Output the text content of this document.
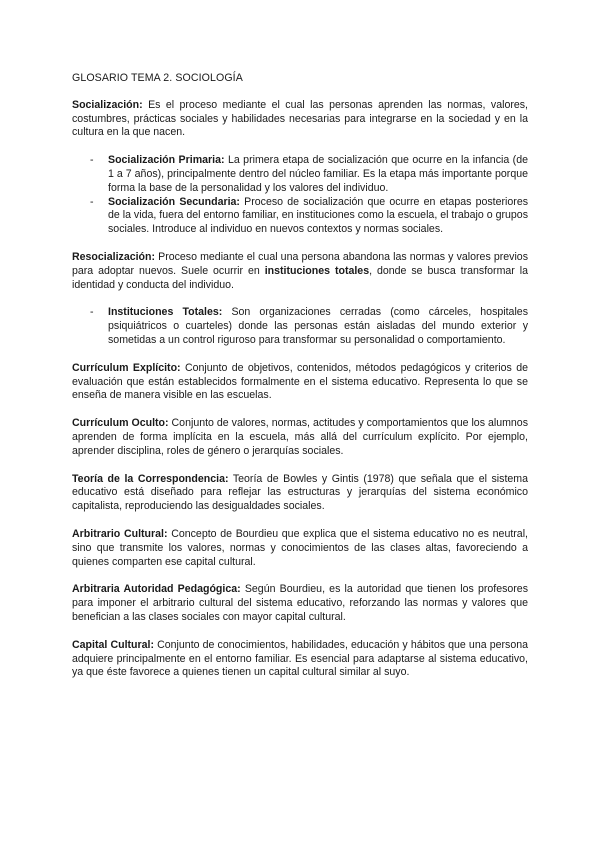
GLOSARIO TEMA 2. SOCIOLOGÍA

Socialización: Es el proceso mediante el cual las personas aprenden las normas, valores, costumbres, prácticas sociales y habilidades necesarias para integrarse en la sociedad y en la cultura en la que nacen.

- Socialización Primaria: La primera etapa de socialización que ocurre en la infancia (de 1 a 7 años), principalmente dentro del núcleo familiar. Es la etapa más importante porque forma la base de la personalidad y los valores del individuo.
- Socialización Secundaria: Proceso de socialización que ocurre en etapas posteriores de la vida, fuera del entorno familiar, en instituciones como la escuela, el trabajo o grupos sociales. Introduce al individuo en nuevos contextos y normas sociales.

Resocialización: Proceso mediante el cual una persona abandona las normas y valores previos para adoptar nuevos. Suele ocurrir en instituciones totales, donde se busca transformar la identidad y conducta del individuo.

- Instituciones Totales: Son organizaciones cerradas (como cárceles, hospitales psiquiátricos o cuarteles) donde las personas están aisladas del mundo exterior y sometidas a un control riguroso para transformar su personalidad o comportamiento.

Currículum Explícito: Conjunto de objetivos, contenidos, métodos pedagógicos y criterios de evaluación que están establecidos formalmente en el sistema educativo. Representa lo que se enseña de manera visible en las escuelas.

Currículum Oculto: Conjunto de valores, normas, actitudes y comportamientos que los alumnos aprenden de forma implícita en la escuela, más allá del currículum explícito. Por ejemplo, aprender disciplina, roles de género o jerarquías sociales.

Teoría de la Correspondencia: Teoría de Bowles y Gintis (1978) que señala que el sistema educativo está diseñado para reflejar las estructuras y jerarquías del sistema económico capitalista, reproduciendo las desigualdades sociales.

Arbitrario Cultural: Concepto de Bourdieu que explica que el sistema educativo no es neutral, sino que transmite los valores, normas y conocimientos de las clases altas, favoreciendo a quienes comparten ese capital cultural.

Arbitraria Autoridad Pedagógica: Según Bourdieu, es la autoridad que tienen los profesores para imponer el arbitrario cultural del sistema educativo, reforzando las normas y valores que benefician a las clases sociales con mayor capital cultural.

Capital Cultural: Conjunto de conocimientos, habilidades, educación y hábitos que una persona adquiere principalmente en el entorno familiar. Es esencial para adaptarse al sistema educativo, ya que éste favorece a quienes tienen un capital cultural similar al suyo.
